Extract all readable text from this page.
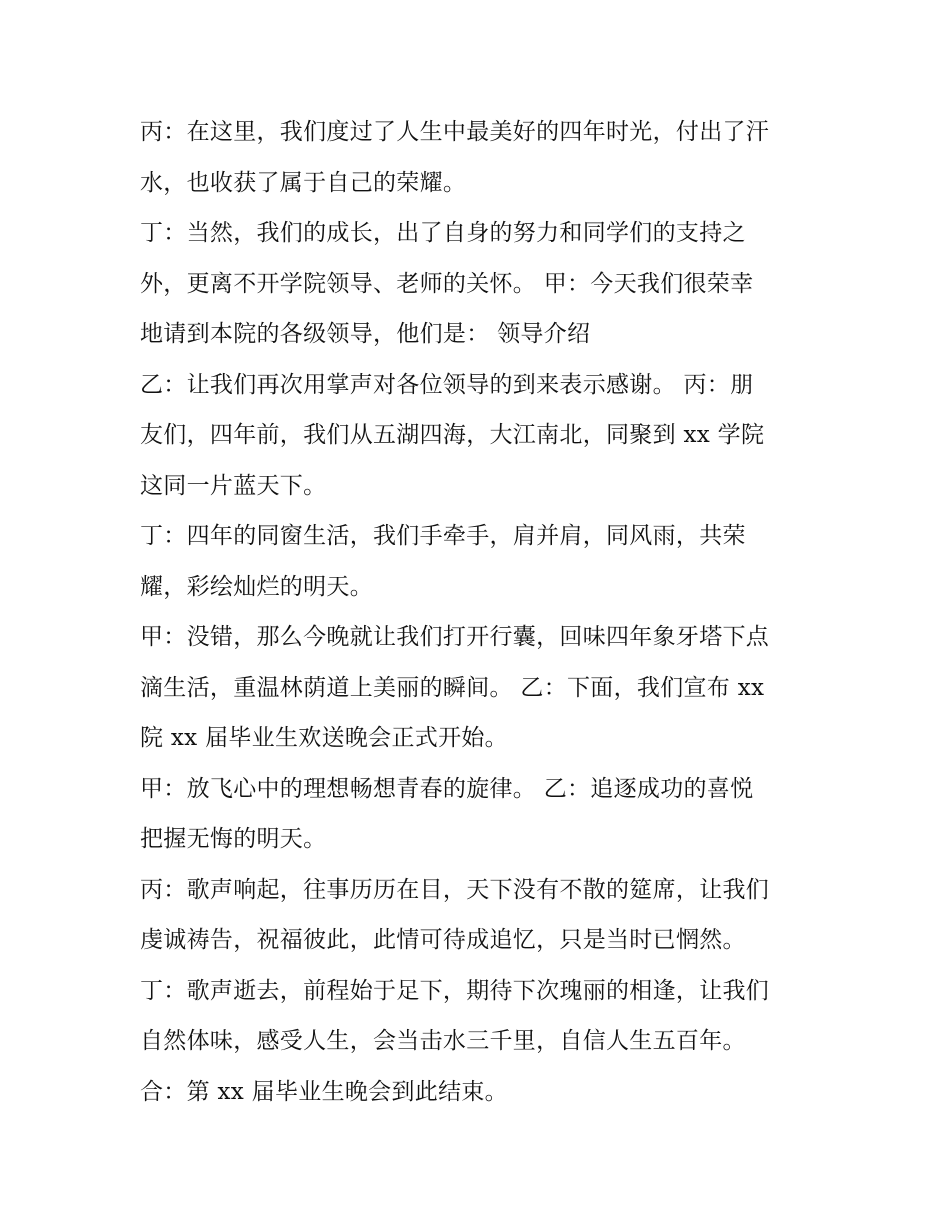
丙：在这里，我们度过了人生中最美好的四年时光，付出了汗
水，也收获了属于自己的荣耀。
丁：当然，我们的成长，出了自身的努力和同学们的支持之
外，更离不开学院领导、老师的关怀。 甲：今天我们很荣幸
地请到本院的各级领导，他们是： 领导介绍
乙：让我们再次用掌声对各位领导的到来表示感谢。 丙：朋
友们，四年前，我们从五湖四海，大江南北，同聚到 xx 学院
这同一片蓝天下。
丁：四年的同窗生活，我们手牵手，肩并肩，同风雨，共荣
耀，彩绘灿烂的明天。
甲：没错，那么今晚就让我们打开行囊，回味四年象牙塔下点
滴生活，重温林荫道上美丽的瞬间。 乙：下面，我们宣布 xx
院 xx 届毕业生欢送晚会正式开始。
甲：放飞心中的理想畅想青春的旋律。 乙：追逐成功的喜悦
把握无悔的明天。
丙：歌声响起，往事历历在目，天下没有不散的筵席，让我们
虔诚祷告，祝福彼此，此情可待成追忆，只是当时已惘然。
丁：歌声逝去，前程始于足下，期待下次瑰丽的相逢，让我们
自然体味，感受人生，会当击水三千里，自信人生五百年。
合：第 xx 届毕业生晚会到此结束。
